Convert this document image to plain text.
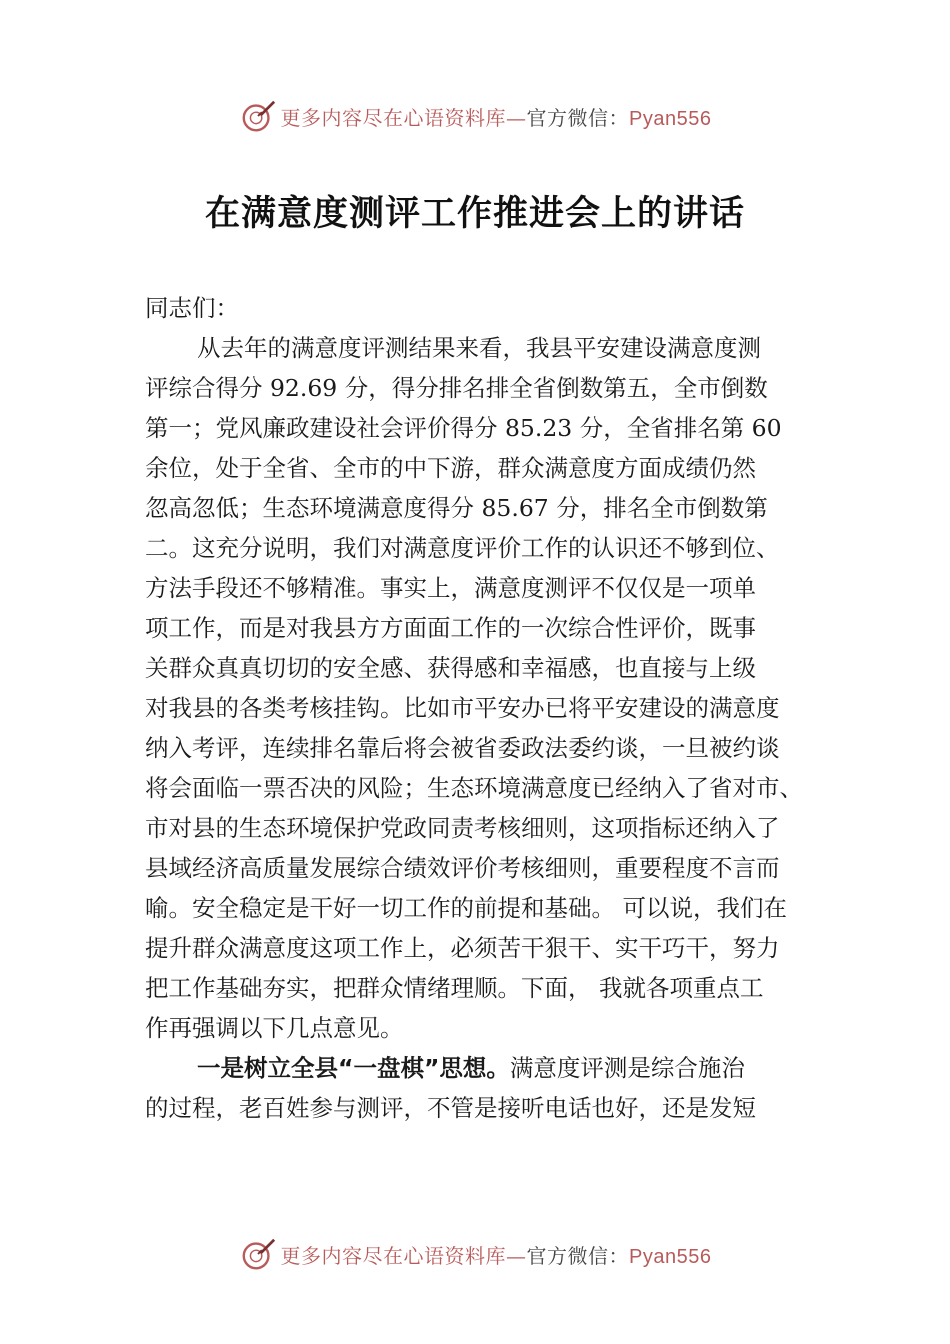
更多内容尽在心语资料库—官方微信：Pyan556
在满意度测评工作推进会上的讲话

同志们：

从去年的满意度评测结果来看，我县平安建设满意度测
评综合得分 92.69 分，得分排名排全省倒数第五，全市倒数
第一；党风廉政建设社会评价得分 85.23 分，全省排名第 60
余位，处于全省、全市的中下游，群众满意度方面成绩仍然
忽高忽低；生态环境满意度得分 85.67 分，排名全市倒数第
二。这充分说明，我们对满意度评价工作的认识还不够到位、
方法手段还不够精准。事实上，满意度测评不仅仅是一项单
项工作，而是对我县方方面面工作的一次综合性评价，既事
关群众真真切切的安全感、获得感和幸福感，也直接与上级
对我县的各类考核挂钩。比如市平安办已将平安建设的满意度
纳入考评，连续排名靠后将会被省委政法委约谈，一旦被约谈
将会面临一票否决的风险；生态环境满意度已经纳入了省对市、
市对县的生态环境保护党政同责考核细则，这项指标还纳入了
县域经济高质量发展综合绩效评价考核细则，重要程度不言而
喻。安全稳定是干好一切工作的前提和基础。 可以说，我们在
提升群众满意度这项工作上，必须苦干狠干、实干巧干，努力
把工作基础夯实，把群众情绪理顺。下面， 我就各项重点工
作再强调以下几点意见。
一是树立全县“一盘棋”思想。满意度评测是综合施治
的过程，老百姓参与测评，不管是接听电话也好，还是发短
更多内容尽在心语资料库—官方微信：Pyan556
